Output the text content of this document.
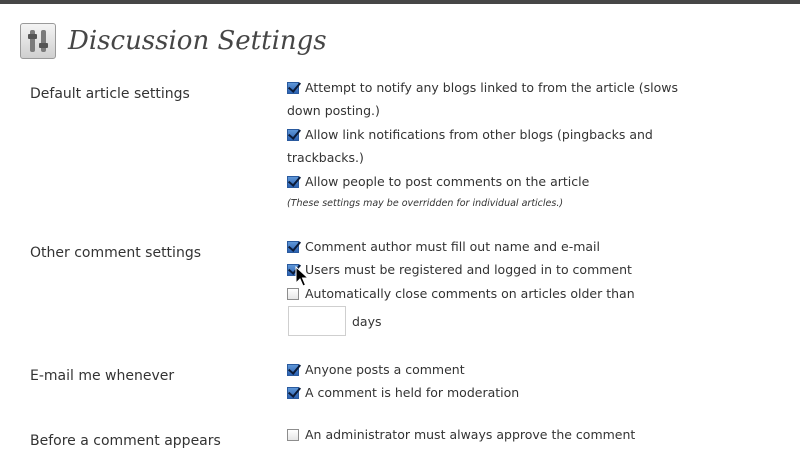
Discussion Settings
Default article settings	Attempt to notify any blogs linked to from the article (slows
down posting.)
Allow link notifications from other blogs (pingbacks and
trackbacks.)
Allow people to post comments on the article
(These settings may be overridden for individual articles.)
Other comment settings	Comment author must fill out name and e-mail
Users must be registered and logged in to comment
Automatically close comments on articles older than
days
E-mail me whenever	Anyone posts a comment
A comment is held for moderation
Before a comment appears	An administrator must always approve the comment
